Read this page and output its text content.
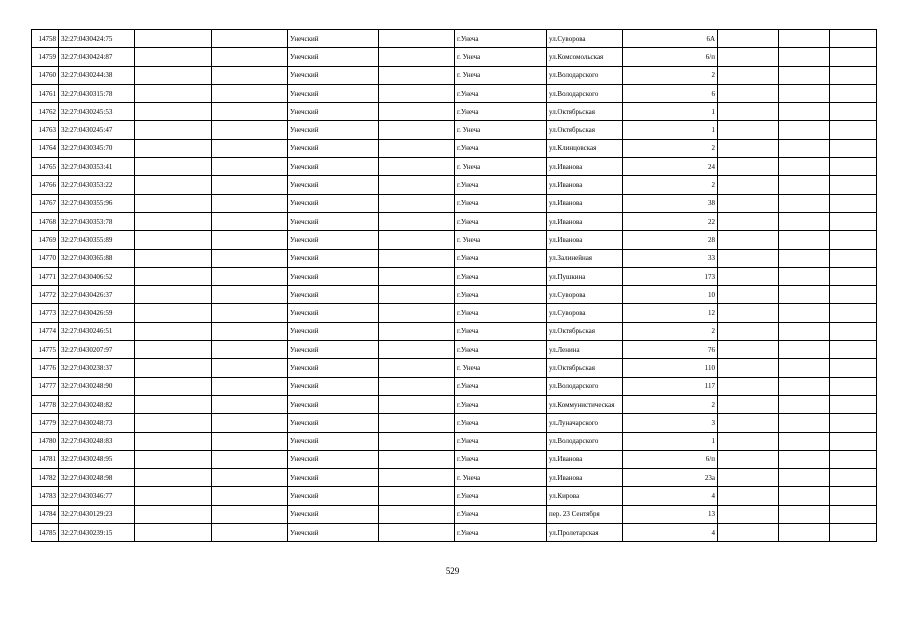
14758	32:27:0430424:75			Унечский		г.Унеча	ул.Суворова	6А			
14759	32:27:0430424:87			Унечский		г. Унеча	ул.Комсомольская	6/п			
14760	32:27:0430244:38			Унечский		г. Унеча	ул.Володарского	2			
14761	32:27:0430315:78			Унечский		г.Унеча	ул.Володарского	6			
14762	32:27:0430245:53			Унечский		г.Унеча	ул.Октябрьская	1			
14763	32:27:0430245:47			Унечский		г. Унеча	ул.Октябрьская	1			
14764	32:27:0430345:70			Унечский		г.Унеча	ул.Клинцовская	2			
14765	32:27:0430353:41			Унечский		г. Унеча	ул.Иванова	24			
14766	32:27:0430353:22			Унечский		г.Унеча	ул.Иванова	2			
14767	32:27:0430355:96			Унечский		г.Унеча	ул.Иванова	38			
14768	32:27:0430353:78			Унечский		г.Унеча	ул.Иванова	22			
14769	32:27:0430355:89			Унечский		г. Унеча	ул.Иванова	28			
14770	32:27:0430365:88			Унечский		г.Унеча	ул.Залинейная	33			
14771	32:27:0430406:52			Унечский		г.Унеча	ул.Пушкина	173			
14772	32:27:0430426:37			Унечский		г.Унеча	ул.Суворова	10			
14773	32:27:0430426:59			Унечский		г.Унеча	ул.Суворова	12			
14774	32:27:0430246:51			Унечский		г.Унеча	ул.Октябрьская	2			
14775	32:27:0430207:97			Унечский		г.Унеча	ул.Ленина	76			
14776	32:27:0430238:37			Унечский		г. Унеча	ул.Октябрьская	110			
14777	32:27:0430248:90			Унечский		г.Унеча	ул.Володарского	117			
14778	32:27:0430248:82			Унечский		г.Унеча	ул.Коммунистическая	2			
14779	32:27:0430248:73			Унечский		г.Унеча	ул.Луначарского	3			
14780	32:27:0430248:83			Унечский		г.Унеча	ул.Володарского	1			
14781	32:27:0430248:95			Унечский		г.Унеча	ул.Иванова	6/п			
14782	32:27:0430248:98			Унечский		г. Унеча	ул.Иванова	23а			
14783	32:27:0430346:77			Унечский		г.Унеча	ул.Кирова	4			
14784	32:27:0430129:23			Унечский		г.Унеча	пер. 23 Сентября	13			
14785	32:27:0430239:15			Унечский		г.Унеча	ул.Пролетарская	4			
529
